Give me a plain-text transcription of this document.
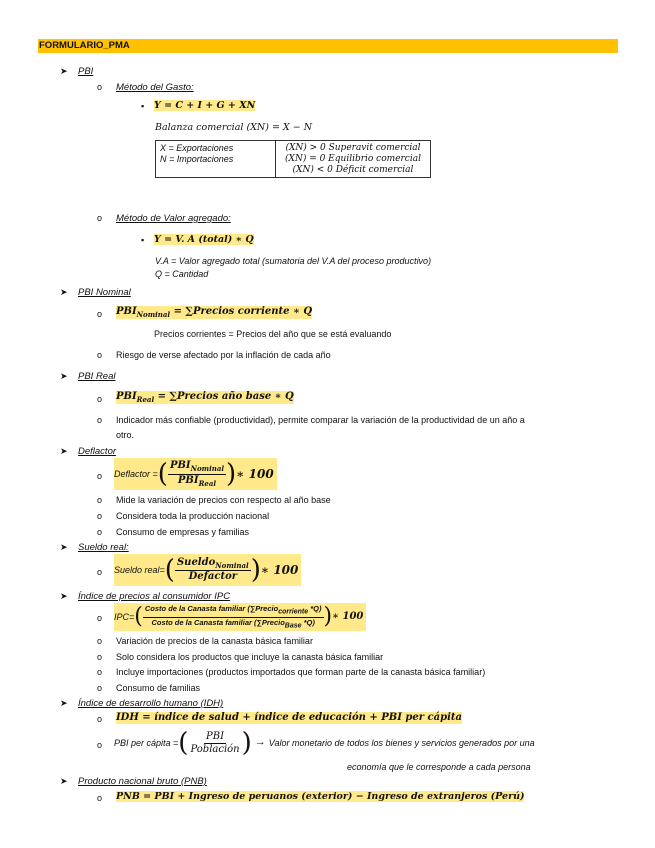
FORMULARIO_PMA
➤ PBI
o Método del Gasto:
▪ Y = C + I + G + XN
Balanza comercial (XN) = X − N
X = Exportaciones
N = Importaciones

(XN) > 0 Superavit comercial
(XN) = 0 Equilibrio comercial
(XN) < 0 Déficit comercial
o Método de Valor agregado:
▪ Y = V. A (total) ∗ Q
V.A = Valor agregado total (sumatoria del V.A del proceso productivo)
Q = Cantidad
➤ PBI Nominal
o $PBI_{Nominal}$ = ∑Precios corriente ∗ Q
Precios corrientes = Precios del año que se está evaluando
o Riesgo de verse afectado por la inflación de cada año
➤ PBI Real
o $PBI_{Real}$ = ∑Precios año base ∗ Q
o Indicador más confiable (productividad), permite comparar la variación de la productividad de un año a
otro.
➤ Deflactor
o Deflactor = ( $\frac{PBI_{Nominal}}{PBI_{Real}}$ ) ∗ 100
o Mide la variación de precios con respecto al año base
o Considera toda la producción nacional
o Consumo de empresas y familias
➤ Sueldo real:
o Sueldo real= ( $\frac{Sueldo_{Nominal}}{\text{Defactor}}$ ) ∗ 100
➤ Índice de precios al consumidor IPC
o IPC= ( $\frac{Costo de la Canasta familiar (\sum Precio_{corriente} *Q)}{Costo de la Canasta familiar (\sum Precio_{Base} *Q)}$ ) ∗ 100
o Variación de precios de la canasta básica familiar
o Solo considera los productos que incluye la canasta básica familiar
o Incluye importaciones (productos importados que forman parte de la canasta básica familiar)
o Consumo de familias
➤ Índice de desarrollo humano (IDH)
o IDH = índice de salud + índice de educación + PBI per cápita
o PBI per cápita = ( $\frac{\text{PBI}}{\text{Población}}$ ) → Valor monetario de todos los bienes y servicios generados por una
economía que le corresponde a cada persona
➤ Producto nacional bruto (PNB)
o PNB = PBI + Ingreso de peruanos (exterior) − Ingreso de extranjeros (Perú)
